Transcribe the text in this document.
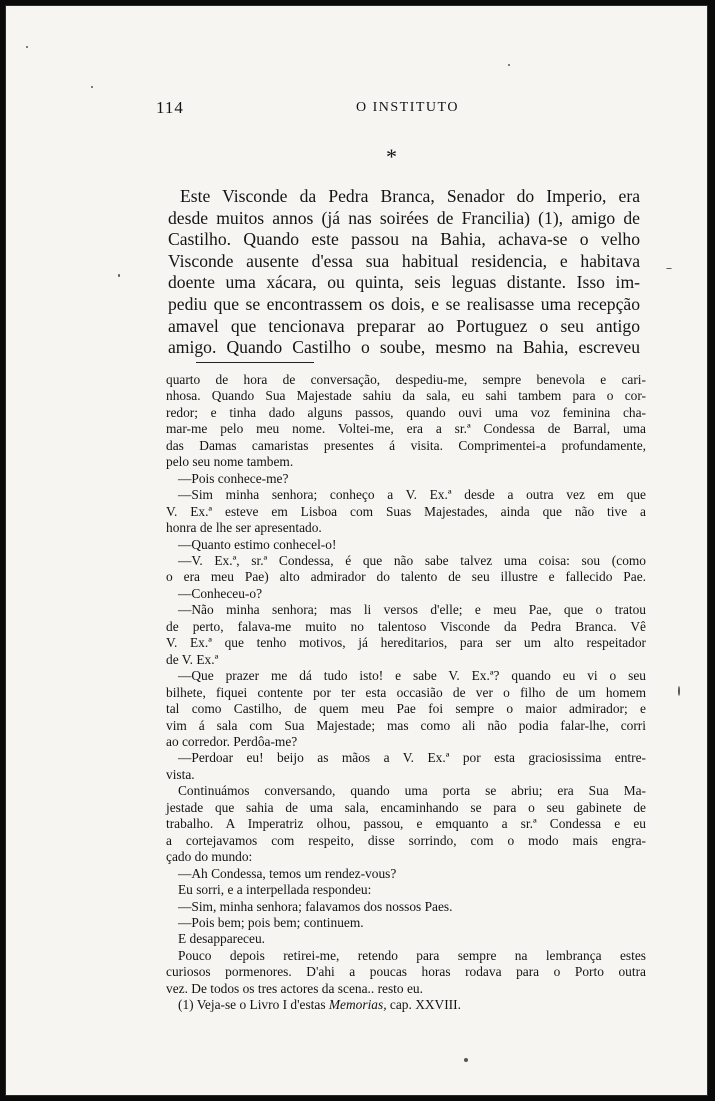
114	O INSTITUTO
*
Este Visconde da Pedra Branca, Senador do Imperio, era
desde muitos annos (já nas soirées de Francilia) (1), amigo de
Castilho. Quando este passou na Bahia, achava-se o velho
Visconde ausente d'essa sua habitual residencia, e habitava
doente uma xácara, ou quinta, seis leguas distante. Isso im-
pediu que se encontrassem os dois, e se realisasse uma recepção
amavel que tencionava preparar ao Portuguez o seu antigo
amigo. Quando Castilho o soube, mesmo na Bahia, escreveu
quarto de hora de conversação, despediu-me, sempre benevola e cari-
nhosa. Quando Sua Majestade sahiu da sala, eu sahi tambem para o cor-
redor; e tinha dado alguns passos, quando ouvi uma voz feminina cha-
mar-me pelo meu nome. Voltei-me, era a sr.ª Condessa de Barral, uma
das Damas camaristas presentes á visita. Comprimentei-a profundamente,
pelo seu nome tambem.
—Pois conhece-me?
—Sim minha senhora; conheço a V. Ex.ª desde a outra vez em que
V. Ex.ª esteve em Lisboa com Suas Majestades, ainda que não tive a
honra de lhe ser apresentado.
—Quanto estimo conhecel-o!
—V. Ex.ª, sr.ª Condessa, é que não sabe talvez uma coisa: sou (como
o era meu Pae) alto admirador do talento de seu illustre e fallecido Pae.
—Conheceu-o?
—Não minha senhora; mas li versos d'elle; e meu Pae, que o tratou
de perto, falava-me muito no talentoso Visconde da Pedra Branca. Vê
V. Ex.ª que tenho motivos, já hereditarios, para ser um alto respeitador
de V. Ex.ª
—Que prazer me dá tudo isto! e sabe V. Ex.ª? quando eu vi o seu
bilhete, fiquei contente por ter esta occasião de ver o filho de um homem
tal como Castilho, de quem meu Pae foi sempre o maior admirador; e
vim á sala com Sua Majestade; mas como ali não podia falar-lhe, corri
ao corredor. Perdôa-me?
—Perdoar eu! beijo as mãos a V. Ex.ª por esta graciosissima entre-
vista.
Continuámos conversando, quando uma porta se abriu; era Sua Ma-
jestade que sahia de uma sala, encaminhando se para o seu gabinete de
trabalho. A Imperatriz olhou, passou, e emquanto a sr.ª Condessa e eu
a cortejavamos com respeito, disse sorrindo, com o modo mais engra-
çado do mundo:
—Ah Condessa, temos um rendez-vous?
Eu sorri, e a interpellada respondeu:
—Sim, minha senhora; falavamos dos nossos Paes.
—Pois bem; pois bem; continuem.
E desappareceu.
Pouco depois retirei-me, retendo para sempre na lembrança estes
curiosos pormenores. D'ahi a poucas horas rodava para o Porto outra
vez. De todos os tres actores da scena.. resto eu.
(1) Veja-se o Livro I d'estas Memorias, cap. XXVIII.
